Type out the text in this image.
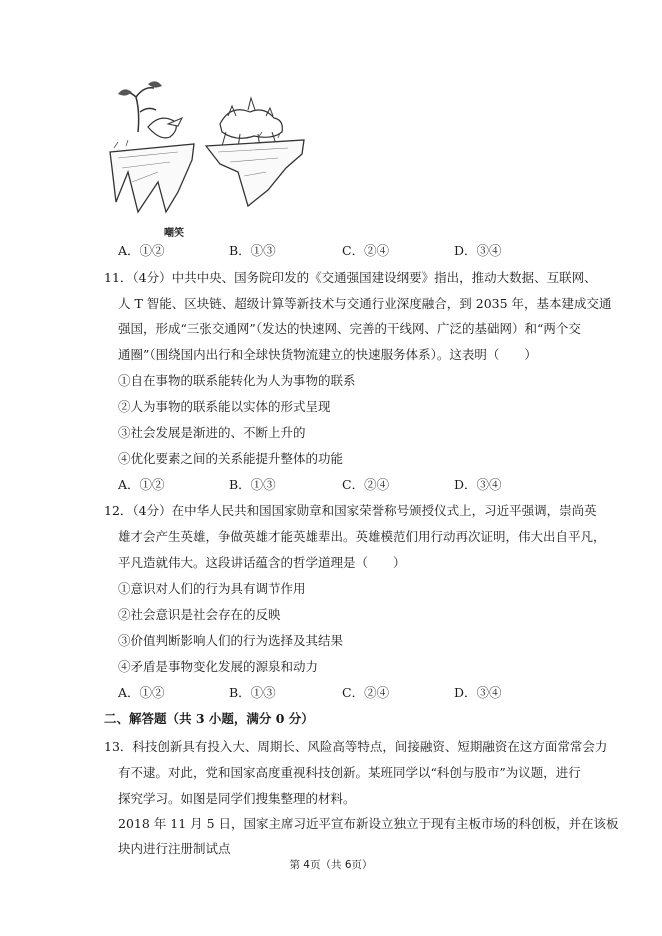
嘲笑
A．①②	B．①③	C．②④	D．③④
11．（4分）中共中央、国务院印发的《交通强国建设纲要》指出，推动大数据、互联网、
人 T 智能、区块链、超级计算等新技术与交通行业深度融合，到 2035 年，基本建成交通
强国，形成“三张交通网”（发达的快速网、完善的干线网、广泛的基础网）和“两个交
通圈”（围绕国内出行和全球快货物流建立的快速服务体系）。这表明（　　）
①自在事物的联系能转化为人为事物的联系
②人为事物的联系能以实体的形式呈现
③社会发展是渐进的、不断上升的
④优化要素之间的关系能提升整体的功能
A．①②	B．①③	C．②④	D．③④
12．（4分）在中华人民共和国国家勋章和国家荣誉称号颁授仪式上，习近平强调，崇尚英
雄才会产生英雄，争做英雄才能英雄辈出。英雄模范们用行动再次证明，伟大出自平凡，
平凡造就伟大。这段讲话蕴含的哲学道理是（　　）
①意识对人们的行为具有调节作用
②社会意识是社会存在的反映
③价值判断影响人们的行为选择及其结果
④矛盾是事物变化发展的源泉和动力
A．①②	B．①③	C．②④	D．③④
二、解答题（共 3 小题，满分 0 分）
13．科技创新具有投入大、周期长、风险高等特点，间接融资、短期融资在这方面常常会力
有不逮。对此，党和国家高度重视科技创新。某班同学以“科创与股市”为议题，进行
探究学习。如图是同学们搜集整理的材料。
2018 年 11 月 5 日，国家主席习近平宣布新设立独立于现有主板市场的科创板，并在该板
块内进行注册制试点
第 4页（共 6页）
